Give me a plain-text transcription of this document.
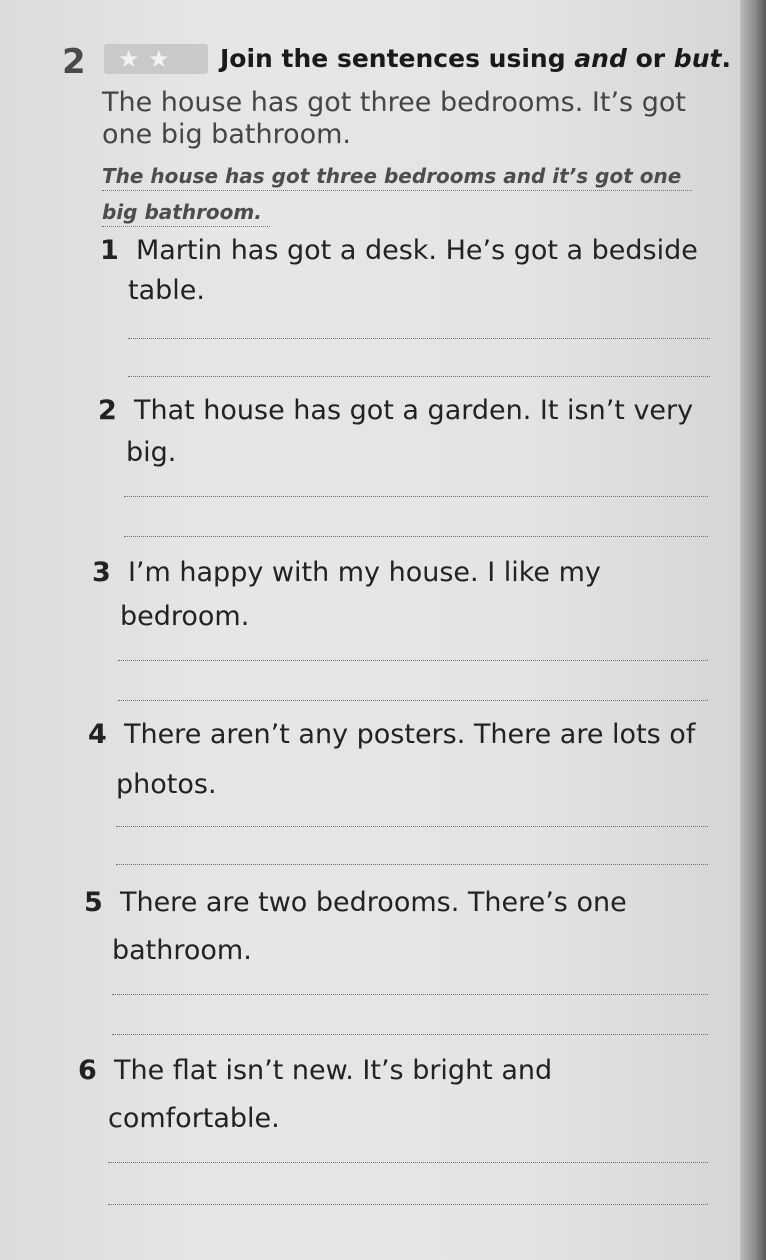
2 ★ ★ Join the sentences using and or but.
The house has got three bedrooms. It’s got
one big bathroom.
The house has got three bedrooms and it’s got one
big bathroom.
1 Martin has got a desk. He’s got a bedside
table.
2 That house has got a garden. It isn’t very
big.
3 I’m happy with my house. I like my
bedroom.
4 There aren’t any posters. There are lots of
photos.
5 There are two bedrooms. There’s one
bathroom.
6 The flat isn’t new. It’s bright and
comfortable.
